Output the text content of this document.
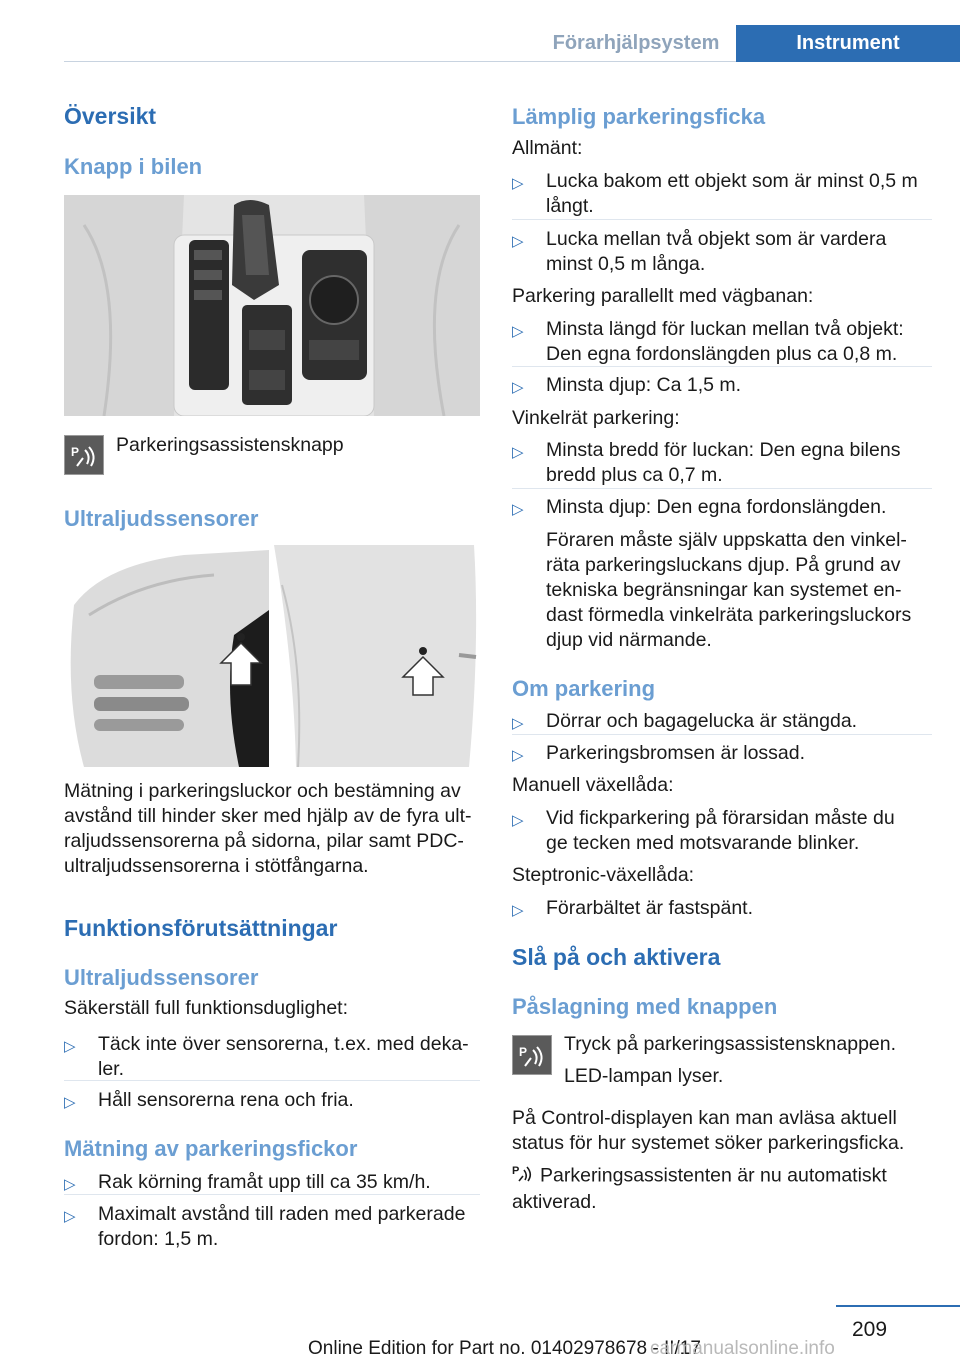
Förarhjälpsystem	Instrument
Översikt
Knapp i bilen
P Parkeringsassistensknapp
Ultraljudssensorer
Mätning i parkeringsluckor och bestämning av
avstånd till hinder sker med hjälp av de fyra ult‐
raljudssensorerna på sidorna, pilar samt PDC-
ultraljudssensorerna i stötfångarna.
Funktionsförutsättningar
Ultraljudssensorer
Säkerställ full funktionsduglighet:
▷ Täck inte över sensorerna, t.ex. med deka‐
ler.
▷ Håll sensorerna rena och fria.
Mätning av parkeringsfickor
▷ Rak körning framåt upp till ca 35 km/h.
▷ Maximalt avstånd till raden med parkerade
fordon: 1,5 m.
Lämplig parkeringsficka
Allmänt:
▷ Lucka bakom ett objekt som är minst 0,5 m
långt.
▷ Lucka mellan två objekt som är vardera
minst 0,5 m långa.
Parkering parallellt med vägbanan:
▷ Minsta längd för luckan mellan två objekt:
Den egna fordonslängden plus ca 0,8 m.
▷ Minsta djup: Ca 1,5 m.
Vinkelrät parkering:
▷ Minsta bredd för luckan: Den egna bilens
bredd plus ca 0,7 m.
▷ Minsta djup: Den egna fordonslängden.
Föraren måste själv uppskatta den vinkel‐
räta parkeringsluckans djup. På grund av
tekniska begränsningar kan systemet en‐
dast förmedla vinkelräta parkeringsluckors
djup vid närmande.
Om parkering
▷ Dörrar och bagagelucka är stängda.
▷ Parkeringsbromsen är lossad.
Manuell växellåda:
▷ Vid fickparkering på förarsidan måste du
ge tecken med motsvarande blinker.
Steptronic-växellåda:
▷ Förarbältet är fastspänt.
Slå på och aktivera
Påslagning med knappen
P Tryck på parkeringsassistensknappen.
LED-lampan lyser.
På Control-displayen kan man avläsa aktuell
status för hur systemet söker parkeringsficka.
P Parkeringsassistenten är nu automatiskt
aktiverad.
209
Online Edition for Part no. 01402978678 - II/17
carmanualsonline.info
